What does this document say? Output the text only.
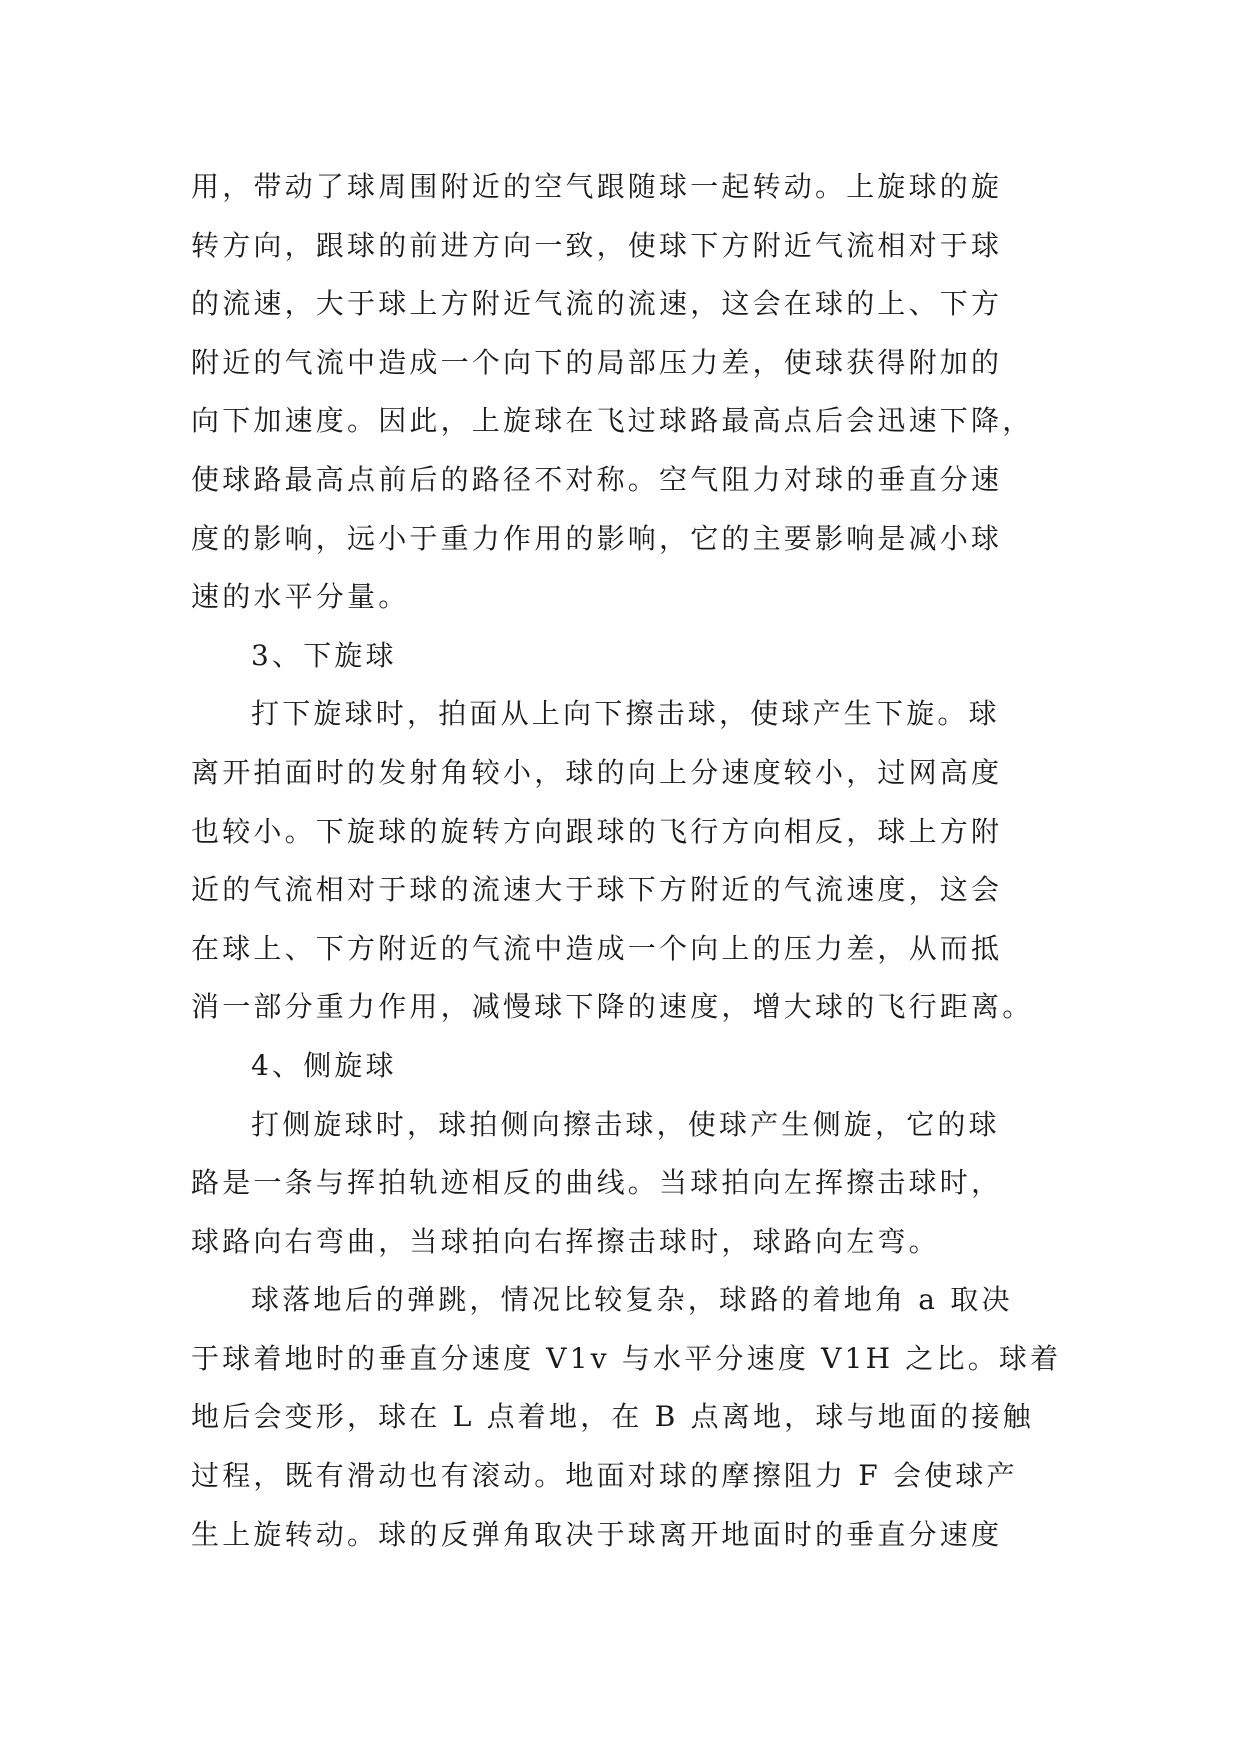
用，带动了球周围附近的空气跟随球一起转动。上旋球的旋
转方向，跟球的前进方向一致，使球下方附近气流相对于球
的流速，大于球上方附近气流的流速，这会在球的上、下方
附近的气流中造成一个向下的局部压力差，使球获得附加的
向下加速度。因此，上旋球在飞过球路最高点后会迅速下降，
使球路最高点前后的路径不对称。空气阻力对球的垂直分速
度的影响，远小于重力作用的影响，它的主要影响是减小球
速的水平分量。
3、下旋球
打下旋球时，拍面从上向下擦击球，使球产生下旋。球
离开拍面时的发射角较小，球的向上分速度较小，过网高度
也较小。下旋球的旋转方向跟球的飞行方向相反，球上方附
近的气流相对于球的流速大于球下方附近的气流速度，这会
在球上、下方附近的气流中造成一个向上的压力差，从而抵
消一部分重力作用，减慢球下降的速度，增大球的飞行距离。
4、侧旋球
打侧旋球时，球拍侧向擦击球，使球产生侧旋，它的球
路是一条与挥拍轨迹相反的曲线。当球拍向左挥擦击球时，
球路向右弯曲，当球拍向右挥擦击球时，球路向左弯。
球落地后的弹跳，情况比较复杂，球路的着地角 a 取决
于球着地时的垂直分速度 V1v 与水平分速度 V1H 之比。球着
地后会变形，球在 L 点着地，在 B 点离地，球与地面的接触
过程，既有滑动也有滚动。地面对球的摩擦阻力 F 会使球产
生上旋转动。球的反弹角取决于球离开地面时的垂直分速度
